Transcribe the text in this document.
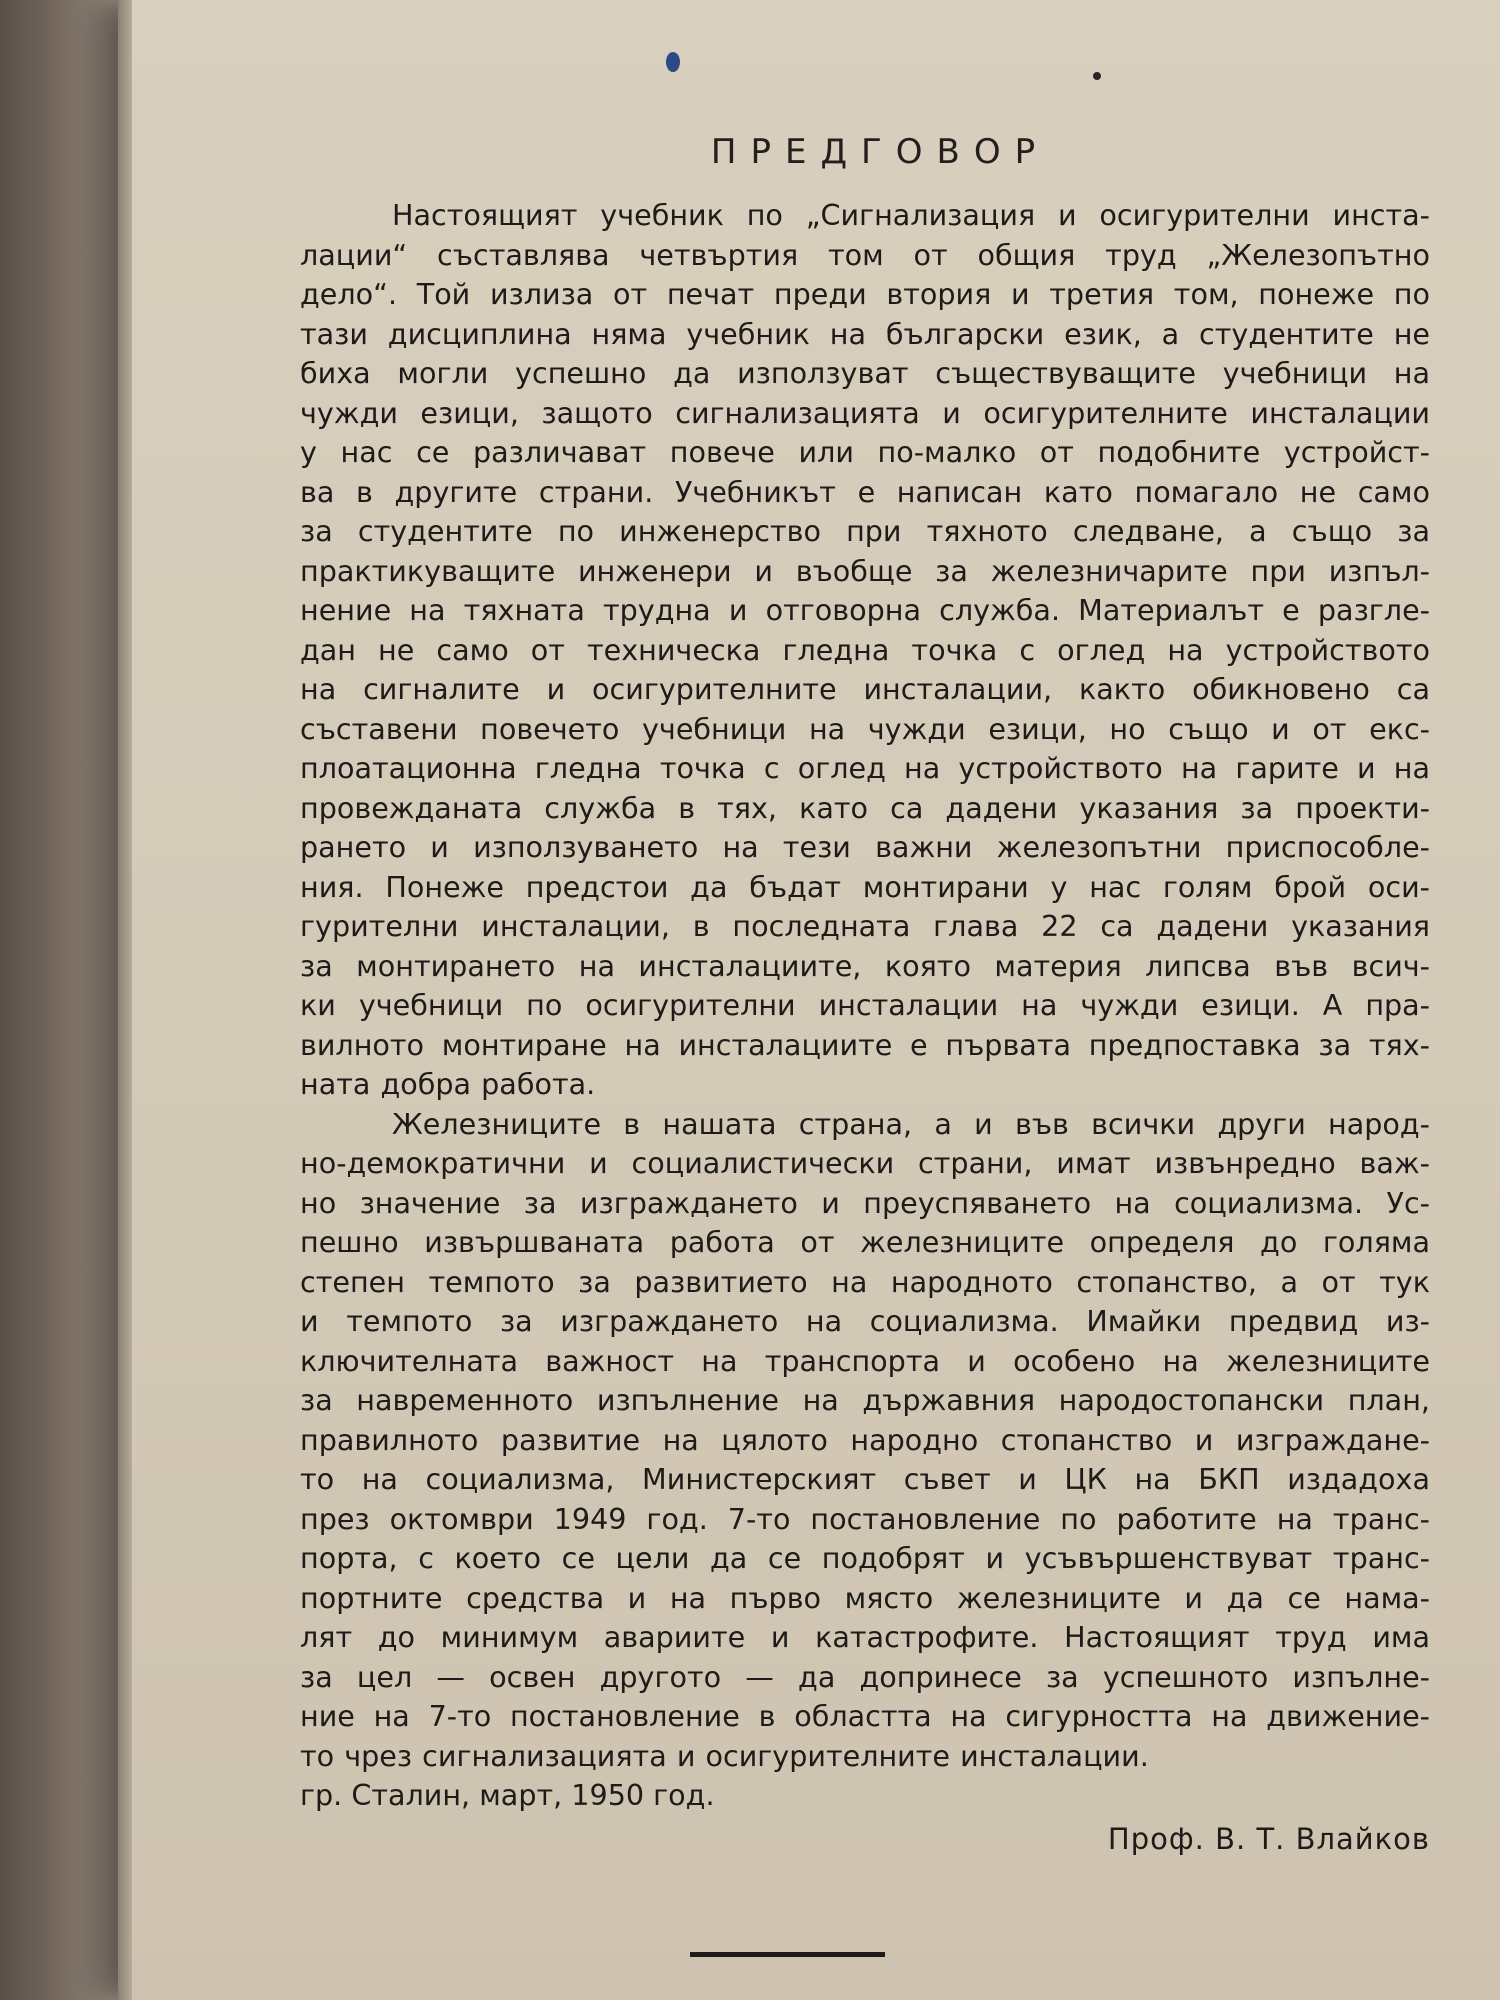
ПРЕДГОВОР
Настоящият учебник по „Сигнализация и осигурителни инста-
лации“ съставлява четвъртия том от общия труд „Железопътно
дело“. Той излиза от печат преди втория и третия том, понеже по
тази дисциплина няма учебник на български език, а студентите не
биха могли успешно да използуват съществуващите учебници на
чужди езици, защото сигнализацията и осигурителните инсталации
у нас се различават повече или по-малко от подобните устройст-
ва в другите страни. Учебникът е написан като помагало не само
за студентите по инженерство при тяхното следване, а също за
практикуващите инженери и въобще за железничарите при изпъл-
нение на тяхната трудна и отговорна служба. Материалът е разгле-
дан не само от техническа гледна точка с оглед на устройството
на сигналите и осигурителните инсталации, както обикновено са
съставени повечето учебници на чужди езици, но също и от екс-
плоатационна гледна точка с оглед на устройството на гарите и на
провежданата служба в тях, като са дадени указания за проекти-
рането и използуването на тези важни железопътни приспособле-
ния. Понеже предстои да бъдат монтирани у нас голям брой оси-
гурителни инсталации, в последната глава 22 са дадени указания
за монтирането на инсталациите, която материя липсва във всич-
ки учебници по осигурителни инсталации на чужди езици. А пра-
вилното монтиране на инсталациите е първата предпоставка за тях-
ната добра работа.
Железниците в нашата страна, а и във всички други народ-
но-демократични и социалистически страни, имат извънредно важ-
но значение за изграждането и преуспяването на социализма. Ус-
пешно извършваната работа от железниците определя до голяма
степен темпото за развитието на народното стопанство, а от тук
и темпото за изграждането на социализма. Имайки предвид из-
ключителната важност на транспорта и особено на железниците
за навременното изпълнение на държавния народостопански план,
правилното развитие на цялото народно стопанство и изграждане-
то на социализма, Министерският съвет и ЦК на БКП издадоха
през октомври 1949 год. 7-то постановление по работите на транс-
порта, с което се цели да се подобрят и усъвършенствуват транс-
портните средства и на първо място железниците и да се нама-
лят до минимум авариите и катастрофите. Настоящият труд има
за цел — освен другото — да допринесе за успешното изпълне-
ние на 7-то постановление в областта на сигурността на движение-
то чрез сигнализацията и осигурителните инсталации.
гр. Сталин, март, 1950 год.
Проф. В. Т. Влайков
